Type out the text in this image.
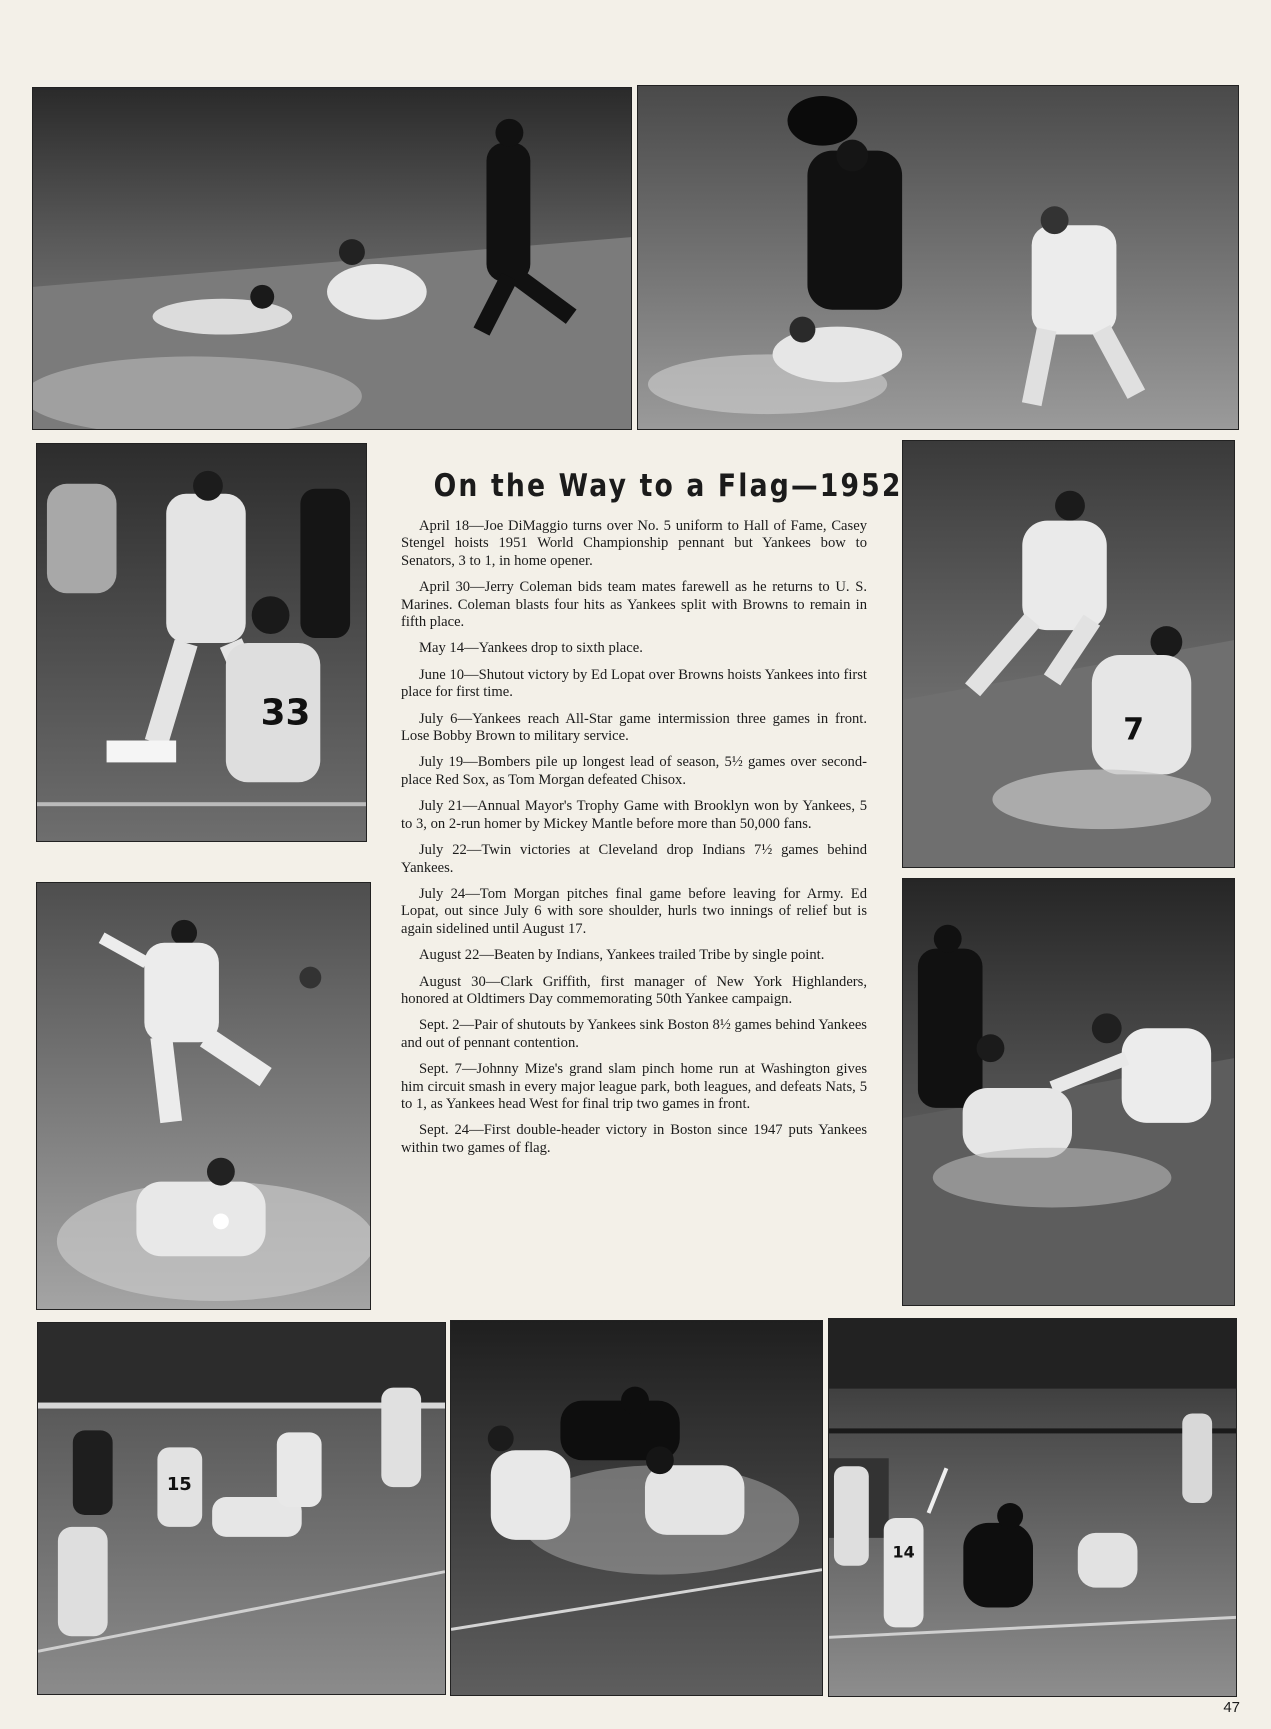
33	7
15
14
On the Way to a Flag—1952

April 18—Joe DiMaggio turns over No. 5 uniform to Hall of Fame, Casey Stengel hoists 1951 World Championship pennant but Yankees bow to Senators, 3 to 1, in home opener.

April 30—Jerry Coleman bids team mates farewell as he returns to U. S. Marines. Coleman blasts four hits as Yankees split with Browns to remain in fifth place.

May 14—Yankees drop to sixth place.

June 10—Shutout victory by Ed Lopat over Browns hoists Yankees into first place for first time.

July 6—Yankees reach All-Star game intermission three games in front. Lose Bobby Brown to military service.

July 19—Bombers pile up longest lead of season, 5½ games over second-place Red Sox, as Tom Morgan defeated Chisox.

July 21—Annual Mayor's Trophy Game with Brooklyn won by Yankees, 5 to 3, on 2-run homer by Mickey Mantle before more than 50,000 fans.

July 22—Twin victories at Cleveland drop Indians 7½ games behind Yankees.

July 24—Tom Morgan pitches final game before leaving for Army. Ed Lopat, out since July 6 with sore shoulder, hurls two innings of relief but is again sidelined until August 17.

August 22—Beaten by Indians, Yankees trailed Tribe by single point.

August 30—Clark Griffith, first manager of New York Highlanders, honored at Oldtimers Day commemorating 50th Yankee campaign.

Sept. 2—Pair of shutouts by Yankees sink Boston 8½ games behind Yankees and out of pennant contention.

Sept. 7—Johnny Mize's grand slam pinch home run at Washington gives him circuit smash in every major league park, both leagues, and defeats Nats, 5 to 1, as Yankees head West for final trip two games in front.

Sept. 24—First double-header victory in Boston since 1947 puts Yankees within two games of flag.

47
